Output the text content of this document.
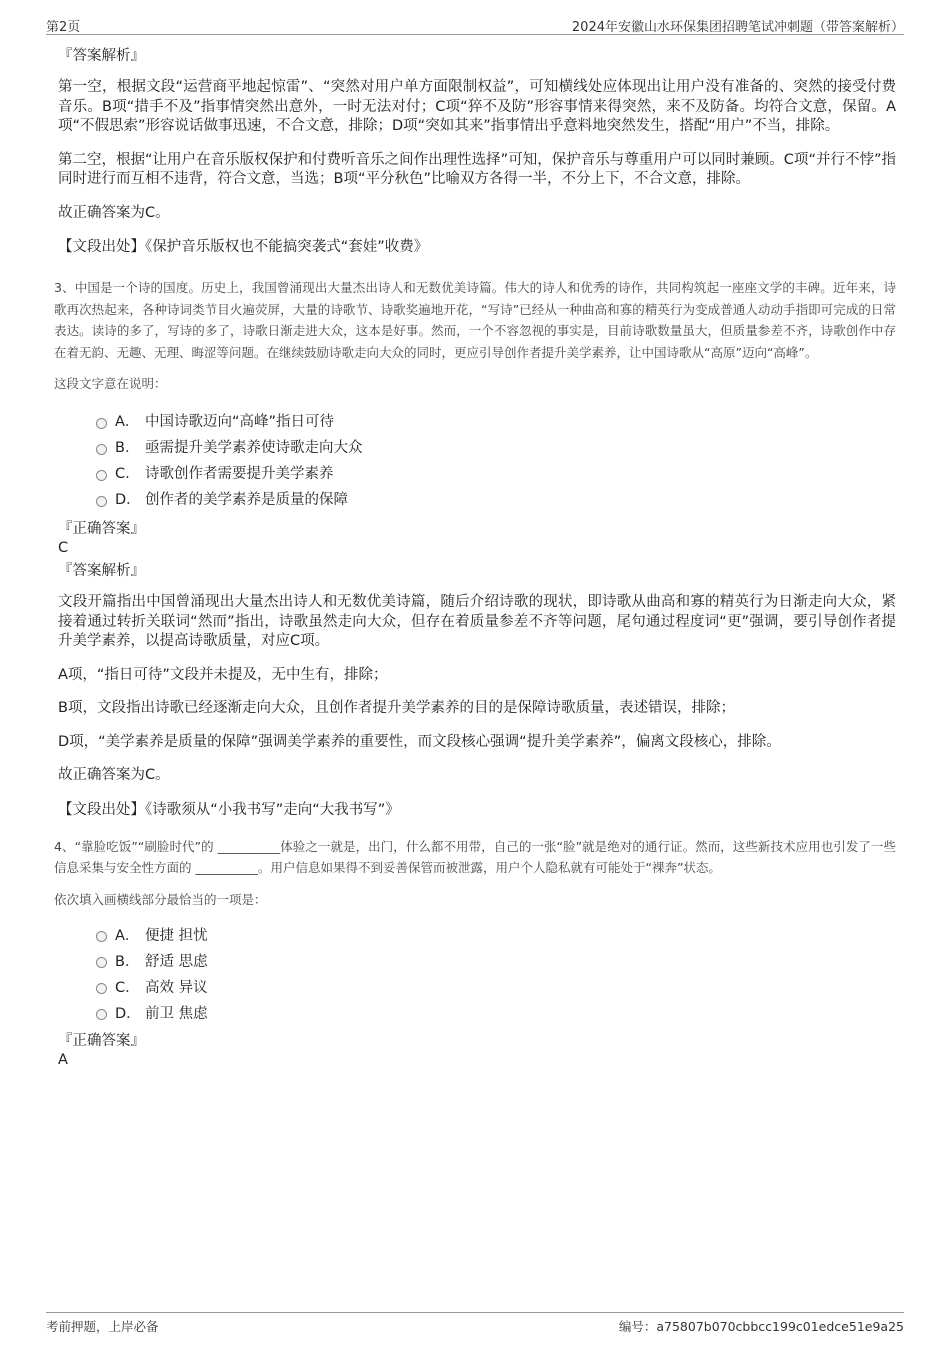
第2页	2024年安徽山水环保集团招聘笔试冲刺题（带答案解析）
『答案解析』

第一空，根据文段“运营商平地起惊雷”、“突然对用户单方面限制权益”，可知横线处应体现出让用户没有准备的、突然的接受付费音乐。B项“措手不及”指事情突然出意外，一时无法对付；C项“猝不及防”形容事情来得突然，来不及防备。均符合文意，保留。A项“不假思索”形容说话做事迅速，不合文意，排除；D项“突如其来”指事情出乎意料地突然发生，搭配“用户”不当，排除。

第二空，根据“让用户在音乐版权保护和付费听音乐之间作出理性选择”可知，保护音乐与尊重用户可以同时兼顾。C项“并行不悖”指同时进行而互相不违背，符合文意，当选；B项“平分秋色”比喻双方各得一半，不分上下，不合文意，排除。

故正确答案为C。

【文段出处】《保护音乐版权也不能搞突袭式“套娃”收费》

3、中国是一个诗的国度。历史上，我国曾涌现出大量杰出诗人和无数优美诗篇。伟大的诗人和优秀的诗作，共同构筑起一座座文学的丰碑。近年来，诗歌再次热起来，各种诗词类节目火遍荧屏，大量的诗歌节、诗歌奖遍地开花，“写诗”已经从一种曲高和寡的精英行为变成普通人动动手指即可完成的日常表达。读诗的多了，写诗的多了，诗歌日渐走进大众，这本是好事。然而，一个不容忽视的事实是，目前诗歌数量虽大，但质量参差不齐，诗歌创作中存在着无韵、无趣、无理、晦涩等问题。在继续鼓励诗歌走向大众的同时，更应引导创作者提升美学素养，让中国诗歌从“高原”迈向“高峰”。

这段文字意在说明：

A． 中国诗歌迈向“高峰”指日可待
B． 亟需提升美学素养使诗歌走向大众
C． 诗歌创作者需要提升美学素养
D． 创作者的美学素养是质量的保障
『正确答案』
C
『答案解析』

文段开篇指出中国曾涌现出大量杰出诗人和无数优美诗篇，随后介绍诗歌的现状，即诗歌从曲高和寡的精英行为日渐走向大众，紧接着通过转折关联词“然而”指出，诗歌虽然走向大众，但存在着质量参差不齐等问题，尾句通过程度词“更”强调，要引导创作者提升美学素养，以提高诗歌质量，对应C项。

A项，“指日可待”文段并未提及，无中生有，排除；

B项，文段指出诗歌已经逐渐走向大众，且创作者提升美学素养的目的是保障诗歌质量，表述错误，排除；

D项，“美学素养是质量的保障”强调美学素养的重要性，而文段核心强调“提升美学素养”，偏离文段核心，排除。

故正确答案为C。

【文段出处】《诗歌须从“小我书写”走向“大我书写”》

4、“靠脸吃饭”“刷脸时代”的 __________体验之一就是，出门，什么都不用带，自己的一张“脸”就是绝对的通行证。然而，这些新技术应用也引发了一些信息采集与安全性方面的 __________。用户信息如果得不到妥善保管而被泄露，用户个人隐私就有可能处于“裸奔”状态。

依次填入画横线部分最恰当的一项是：

A． 便捷 担忧
B． 舒适 思虑
C． 高效 异议
D． 前卫 焦虑
『正确答案』
A
考前押题，上岸必备	编号：a75807b070cbbcc199c01edce51e9a25
